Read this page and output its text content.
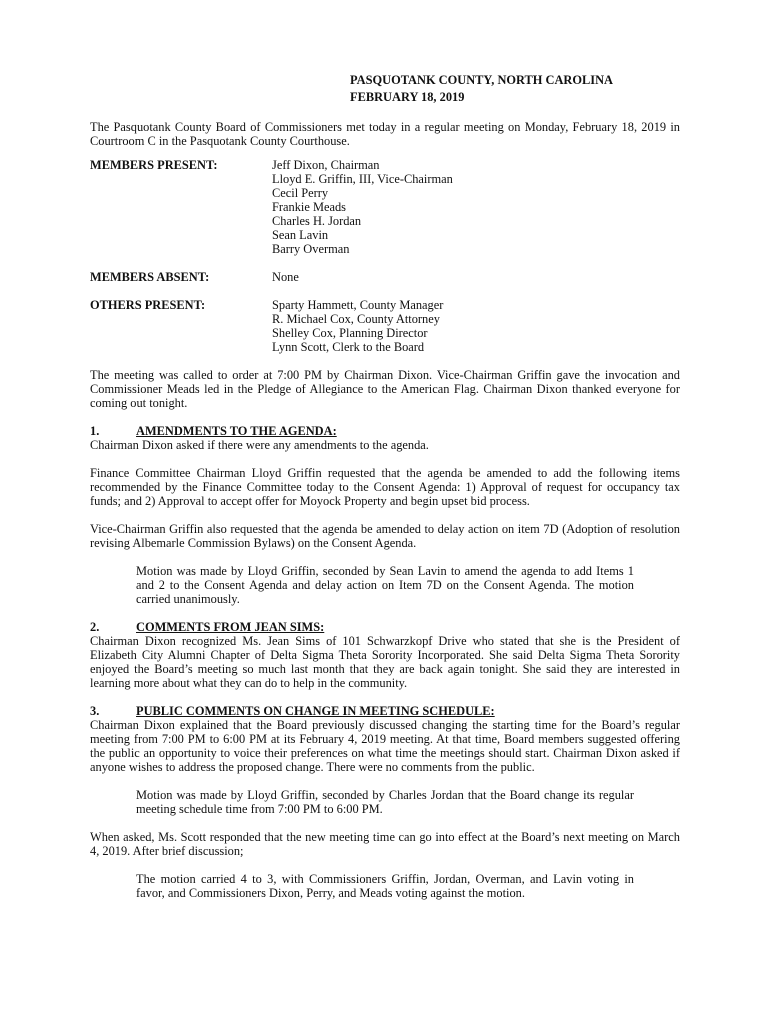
PASQUOTANK COUNTY, NORTH CAROLINA
FEBRUARY 18, 2019

The Pasquotank County Board of Commissioners met today in a regular meeting on Monday, February 18, 2019 in Courtroom C in the Pasquotank County Courthouse.

MEMBERS PRESENT:	Jeff Dixon, Chairman
Lloyd E. Griffin, III, Vice-Chairman
Cecil Perry
Frankie Meads
Charles H. Jordan
Sean Lavin
Barry Overman
MEMBERS ABSENT:	None
OTHERS PRESENT:	Sparty Hammett, County Manager
R. Michael Cox, County Attorney
Shelley Cox, Planning Director
Lynn Scott, Clerk to the Board

The meeting was called to order at 7:00 PM by Chairman Dixon. Vice-Chairman Griffin gave the invocation and Commissioner Meads led in the Pledge of Allegiance to the American Flag. Chairman Dixon thanked everyone for coming out tonight.

1.	AMENDMENTS TO THE AGENDA:

Chairman Dixon asked if there were any amendments to the agenda.

Finance Committee Chairman Lloyd Griffin requested that the agenda be amended to add the following items recommended by the Finance Committee today to the Consent Agenda: 1) Approval of request for occupancy tax funds; and 2) Approval to accept offer for Moyock Property and begin upset bid process.

Vice-Chairman Griffin also requested that the agenda be amended to delay action on item 7D (Adoption of resolution revising Albemarle Commission Bylaws) on the Consent Agenda.

Motion was made by Lloyd Griffin, seconded by Sean Lavin to amend the agenda to add Items 1 and 2 to the Consent Agenda and delay action on Item 7D on the Consent Agenda. The motion carried unanimously.

2.	COMMENTS FROM JEAN SIMS:

Chairman Dixon recognized Ms. Jean Sims of 101 Schwarzkopf Drive who stated that she is the President of Elizabeth City Alumni Chapter of Delta Sigma Theta Sorority Incorporated. She said Delta Sigma Theta Sorority enjoyed the Board’s meeting so much last month that they are back again tonight. She said they are interested in learning more about what they can do to help in the community.

3.	PUBLIC COMMENTS ON CHANGE IN MEETING SCHEDULE:

Chairman Dixon explained that the Board previously discussed changing the starting time for the Board’s regular meeting from 7:00 PM to 6:00 PM at its February 4, 2019 meeting. At that time, Board members suggested offering the public an opportunity to voice their preferences on what time the meetings should start. Chairman Dixon asked if anyone wishes to address the proposed change. There were no comments from the public.

Motion was made by Lloyd Griffin, seconded by Charles Jordan that the Board change its regular meeting schedule time from 7:00 PM to 6:00 PM.

When asked, Ms. Scott responded that the new meeting time can go into effect at the Board’s next meeting on March 4, 2019. After brief discussion;

The motion carried 4 to 3, with Commissioners Griffin, Jordan, Overman, and Lavin voting in favor, and Commissioners Dixon, Perry, and Meads voting against the motion.
